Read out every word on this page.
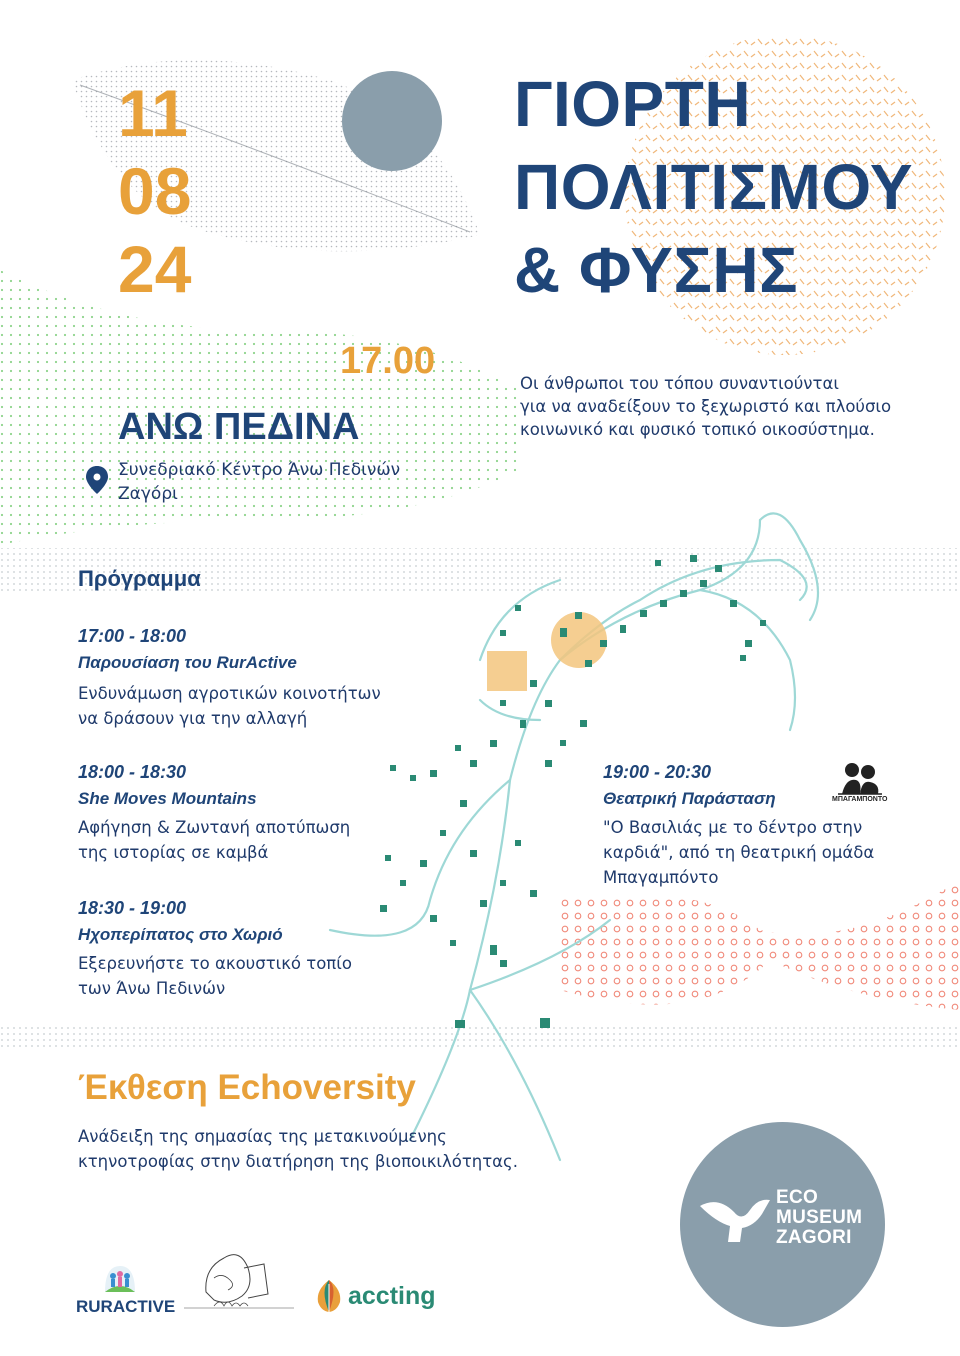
11
08
24
ΓΙΟΡΤΗ
ΠΟΛΙΤΙΣΜΟΥ
& ΦΥΣΗΣ
17.00
ΑΝΩ ΠΕΔΙΝΑ
Συνεδριακό Κέντρο Άνω Πεδινών
Ζαγόρι
Οι άνθρωποι του τόπου συναντιούνται
για να αναδείξουν το ξεχωριστό και πλούσιο
κοινωνικό και φυσικό τοπικό οικοσύστημα.
Πρόγραμμα
17:00 - 18:00
Παρουσίαση του RurActive
Ενδυνάμωση αγροτικών κοινοτήτων
να δράσουν για την αλλαγή
18:00 - 18:30
She Moves Mountains
Αφήγηση & Ζωντανή αποτύπωση
της ιστορίας σε καμβά
18:30 - 19:00
Ηχοπερίπατος στο Χωριό
Εξερευνήστε το ακουστικό τοπίο
των Άνω Πεδινών
19:00 - 20:30
Θεατρική Παράσταση
"Ο Βασιλιάς με το δέντρο στην
καρδιά", από τη θεατρική ομάδα
Μπαγαμπόντο
ΜΠΑΓΑΜΠΟΝΤΟ
Έκθεση Echoversity
Ανάδειξη της σημασίας της μετακινούμενης
κτηνοτροφίας στην διατήρηση της βιοποικιλότητας.
ECO
MUSEUM
ZAGORI
RURACTIVE	accting
